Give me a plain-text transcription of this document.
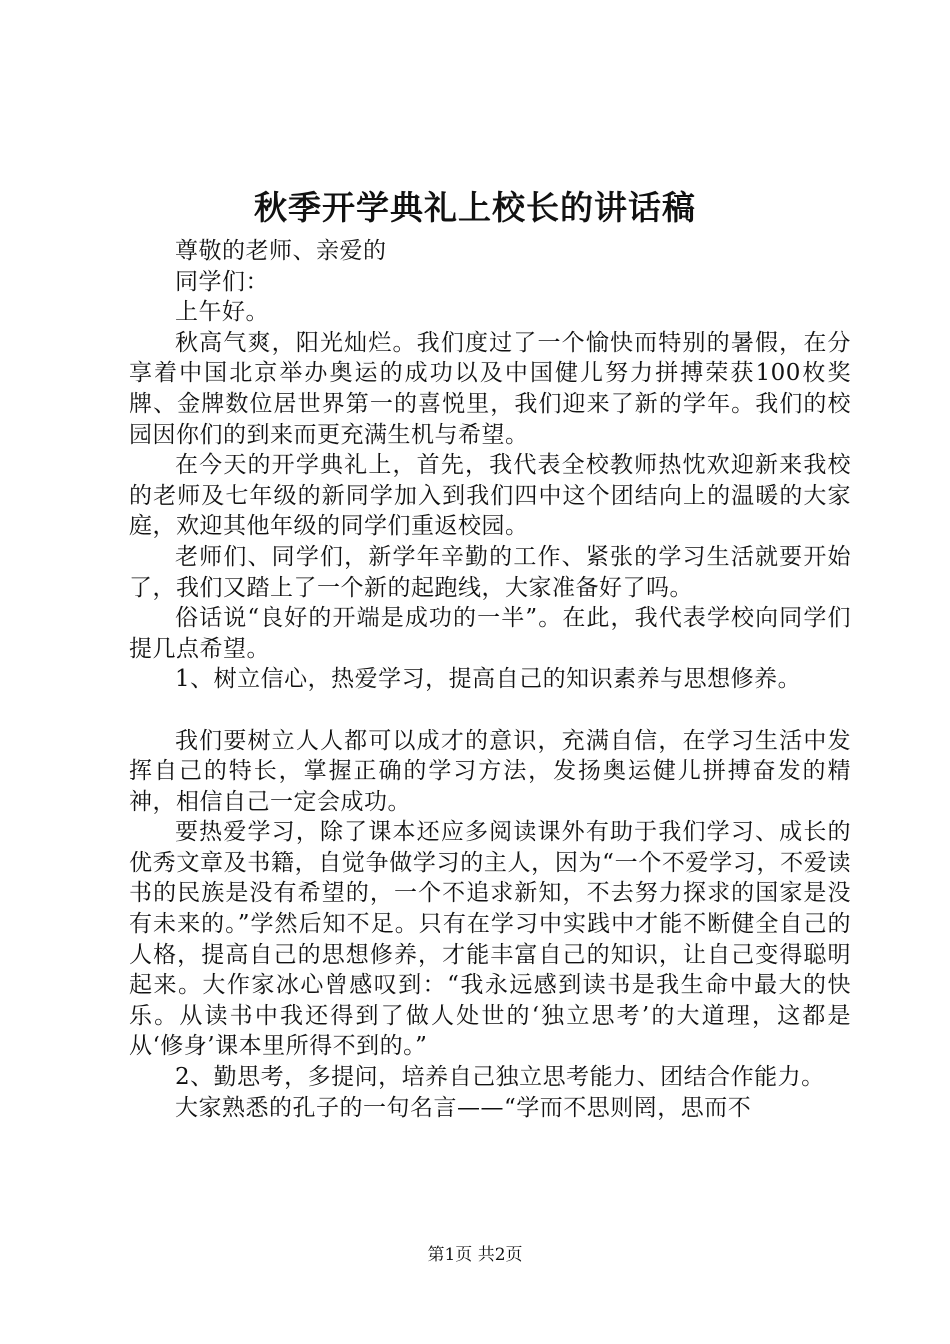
秋季开学典礼上校长的讲话稿

尊敬的老师、亲爱的

同学们：

上午好。

秋高气爽，阳光灿烂。我们度过了一个愉快而特别的暑假，在分享着中国北京举办奥运的成功以及中国健儿努力拼搏荣获100枚奖牌、金牌数位居世界第一的喜悦里，我们迎来了新的学年。我们的校园因你们的到来而更充满生机与希望。

在今天的开学典礼上，首先，我代表全校教师热忱欢迎新来我校的老师及七年级的新同学加入到我们四中这个团结向上的温暖的大家庭，欢迎其他年级的同学们重返校园。

老师们、同学们，新学年辛勤的工作、紧张的学习生活就要开始了，我们又踏上了一个新的起跑线，大家准备好了吗。

俗话说“良好的开端是成功的一半”。在此，我代表学校向同学们提几点希望。

1、树立信心，热爱学习，提高自己的知识素养与思想修养。

我们要树立人人都可以成才的意识，充满自信，在学习生活中发挥自己的特长，掌握正确的学习方法，发扬奥运健儿拼搏奋发的精神，相信自己一定会成功。

要热爱学习，除了课本还应多阅读课外有助于我们学习、成长的优秀文章及书籍，自觉争做学习的主人，因为“一个不爱学习，不爱读书的民族是没有希望的，一个不追求新知，不去努力探求的国家是没有未来的。”学然后知不足。只有在学习中实践中才能不断健全自己的人格，提高自己的思想修养，才能丰富自己的知识，让自己变得聪明起来。大作家冰心曾感叹到：“我永远感到读书是我生命中最大的快乐。从读书中我还得到了做人处世的‘独立思考’的大道理，这都是从‘修身’课本里所得不到的。”

2、勤思考，多提问，培养自己独立思考能力、团结合作能力。

大家熟悉的孔子的一句名言——“学而不思则罔，思而不

第1页 共2页
